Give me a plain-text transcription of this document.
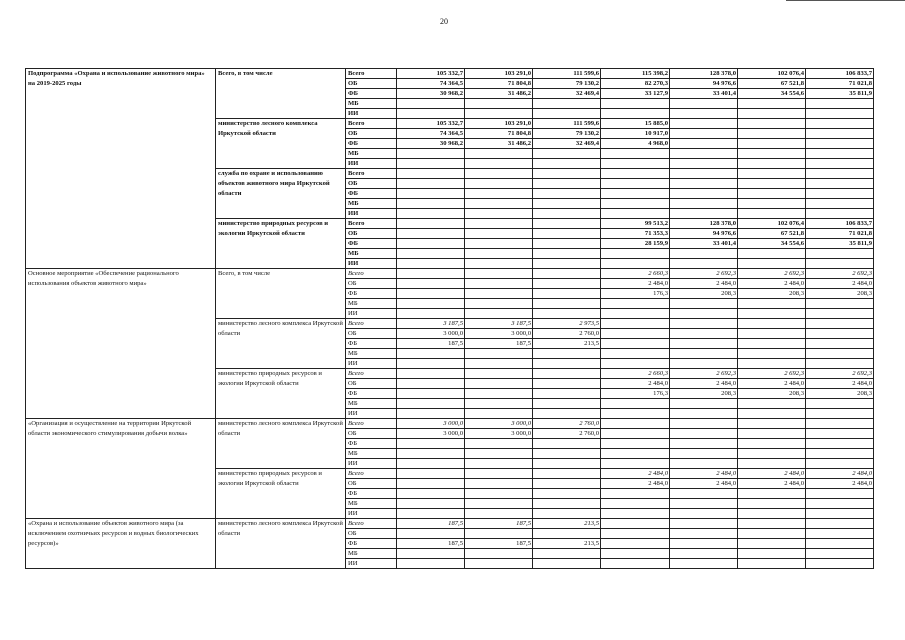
20
Подпрограмма «Охрана и использование животного мира» на 2019-2025 годы	Всего, в том числе	Всего	105 332,7	103 291,0	111 599,6	115 398,2	128 378,0	102 076,4	106 833,7
		ОБ	74 364,5	71 804,8	79 130,2	82 270,3	94 976,6	67 521,8	71 021,8
		ФБ	30 968,2	31 486,2	32 469,4	33 127,9	33 401,4	34 554,6	35 811,9
		МБ							
		ИИ							
	министерство лесного комплекса Иркутской области	Всего	105 332,7	103 291,0	111 599,6	15 885,0			
		ОБ	74 364,5	71 804,8	79 130,2	10 917,0			
		ФБ	30 968,2	31 486,2	32 469,4	4 968,0			
		МБ							
		ИИ							
	служба по охране и использованию объектов животного мира Иркутской области	Всего							
		ОБ							
		ФБ							
		МБ							
		ИИ							
	министерство природных ресурсов и экологии Иркутской области	Всего				99 513,2	128 378,0	102 076,4	106 833,7
		ОБ				71 353,3	94 976,6	67 521,8	71 021,8
		ФБ				28 159,9	33 401,4	34 554,6	35 811,9
		МБ							
		ИИ							
Основное мероприятие «Обеспечение рационального использования объектов животного мира»	Всего, в том числе	Всего				2 660,3	2 692,3	2 692,3	2 692,3
		ОБ				2 484,0	2 484,0	2 484,0	2 484,0
		ФБ				176,3	208,3	208,3	208,3
		МБ							
		ИИ							
	министерство лесного комплекса Иркутской области	Всего	3 187,5	3 187,5	2 973,5				
		ОБ	3 000,0	3 000,0	2 760,0				
		ФБ	187,5	187,5	213,5				
		МБ							
		ИИ							
	министерство природных ресурсов и экологии Иркутской области	Всего				2 660,3	2 692,3	2 692,3	2 692,3
		ОБ				2 484,0	2 484,0	2 484,0	2 484,0
		ФБ				176,3	208,3	208,3	208,3
		МБ							
		ИИ							
«Организация и осуществление на территории Иркутской области экономического стимулирования добычи волка»	министерство лесного комплекса Иркутской области	Всего	3 000,0	3 000,0	2 760,0				
		ОБ	3 000,0	3 000,0	2 760,0				
		ФБ							
		МБ							
		ИИ							
	министерство природных ресурсов и экологии Иркутской области	Всего				2 484,0	2 484,0	2 484,0	2 484,0
		ОБ				2 484,0	2 484,0	2 484,0	2 484,0
		ФБ							
		МБ							
		ИИ							
«Охрана и использование объектов животного мира (за исключением охотничьих ресурсов и водных биологических ресурсов)»	министерство лесного комплекса Иркутской области	Всего	187,5	187,5	213,5				
		ОБ							
		ФБ	187,5	187,5	213,5				
		МБ							
		ИИ							
